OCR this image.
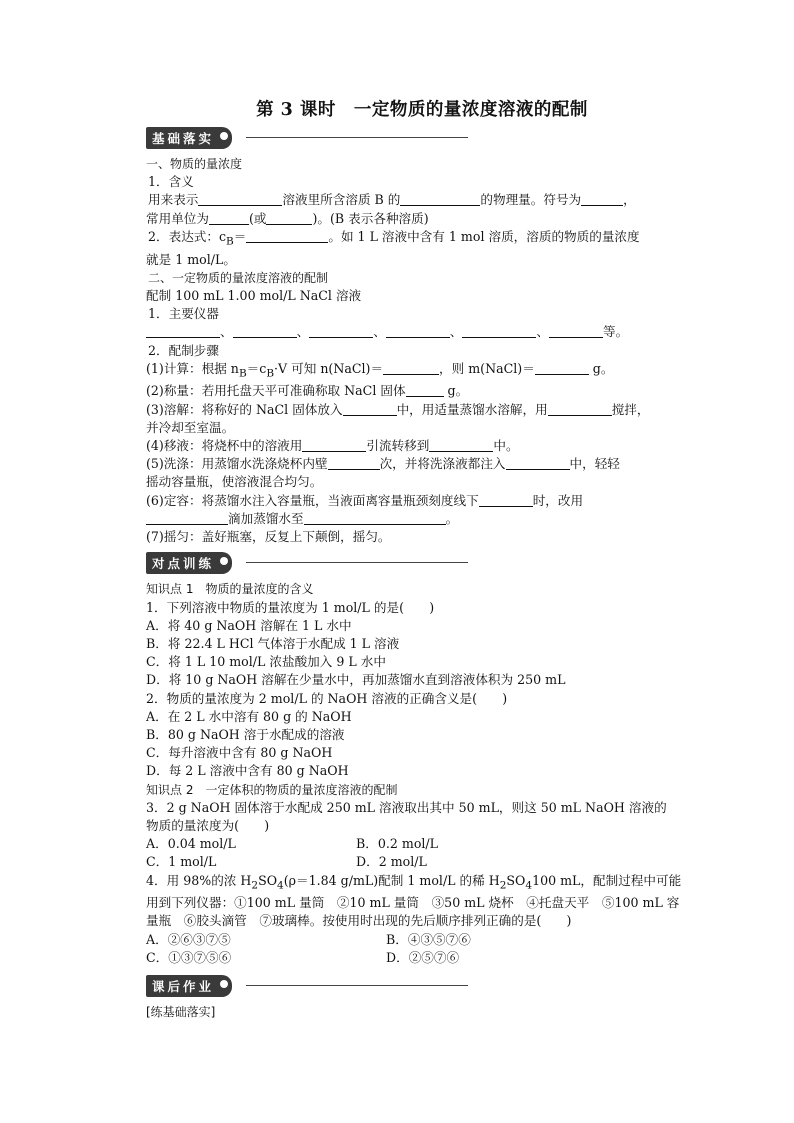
第 3 课时　一定物质的量浓度溶液的配制
基础落实
一、物质的量浓度
1．含义
用来表示	溶液里所含溶质 B 的	的物理量。符号为	，
常用单位为	(或	)。(B 表示各种溶质)
2．表达式：$c_B=$	。如 1 L 溶液中含有 1 mol 溶质，溶质的物质的量浓度
就是 1 mol/L。
二、一定物质的量浓度溶液的配制
配制 100 mL 1.00 mol/L NaCl 溶液
1．主要仪器
、	、	、	、	、	等。
2．配制步骤
(1)计算：根据 $n_B=c_B\cdot V$ 可知 n(NaCl)＝	，则 m(NaCl)＝	g。
(2)称量：若用托盘天平可准确称取 NaCl 固体	g。
(3)溶解：将称好的 NaCl 固体放入	中，用适量蒸馏水溶解，用	搅拌，
并冷却至室温。
(4)移液：将烧杯中的溶液用	引流转移到	中。
(5)洗涤：用蒸馏水洗涤烧杯内壁	次，并将洗涤液都注入	中，轻轻
摇动容量瓶，使溶液混合均匀。
(6)定容：将蒸馏水注入容量瓶，当液面离容量瓶颈刻度线下	时，改用
滴加蒸馏水至	。
(7)摇匀：盖好瓶塞，反复上下颠倒，摇匀。
对点训练
知识点 1　物质的量浓度的含义
1．下列溶液中物质的量浓度为 1 mol/L 的是(　　)
A．将 40 g NaOH 溶解在 1 L 水中
B．将 22.4 L HCl 气体溶于水配成 1 L 溶液
C．将 1 L 10 mol/L 浓盐酸加入 9 L 水中
D．将 10 g NaOH 溶解在少量水中，再加蒸馏水直到溶液体积为 250 mL
2．物质的量浓度为 2 mol/L 的 NaOH 溶液的正确含义是(　　)
A．在 2 L 水中溶有 80 g 的 NaOH
B．80 g NaOH 溶于水配成的溶液
C．每升溶液中含有 80 g NaOH
D．每 2 L 溶液中含有 80 g NaOH
知识点 2　一定体积的物质的量浓度溶液的配制
3．2 g NaOH 固体溶于水配成 250 mL 溶液取出其中 50 mL，则这 50 mL NaOH 溶液的
物质的量浓度为(　　)
A．0.04 mol/L	B．0.2 mol/L
C．1 mol/L	D．2 mol/L
4．用 98%的浓 $H_2SO_4(\rho=1.84$ g/mL)配制 1 mol/L 的稀 $H_2SO_4100$ mL，配制过程中可能
用到下列仪器：①100 mL 量筒　②10 mL 量筒　③50 mL 烧杯　④托盘天平　⑤100 mL 容
量瓶　⑥胶头滴管　⑦玻璃棒。按使用时出现的先后顺序排列正确的是(　　)
A．②⑥③⑦⑤	B．④③⑤⑦⑥
C．①③⑦⑤⑥	D．②⑤⑦⑥
课后作业
[练基础落实]
